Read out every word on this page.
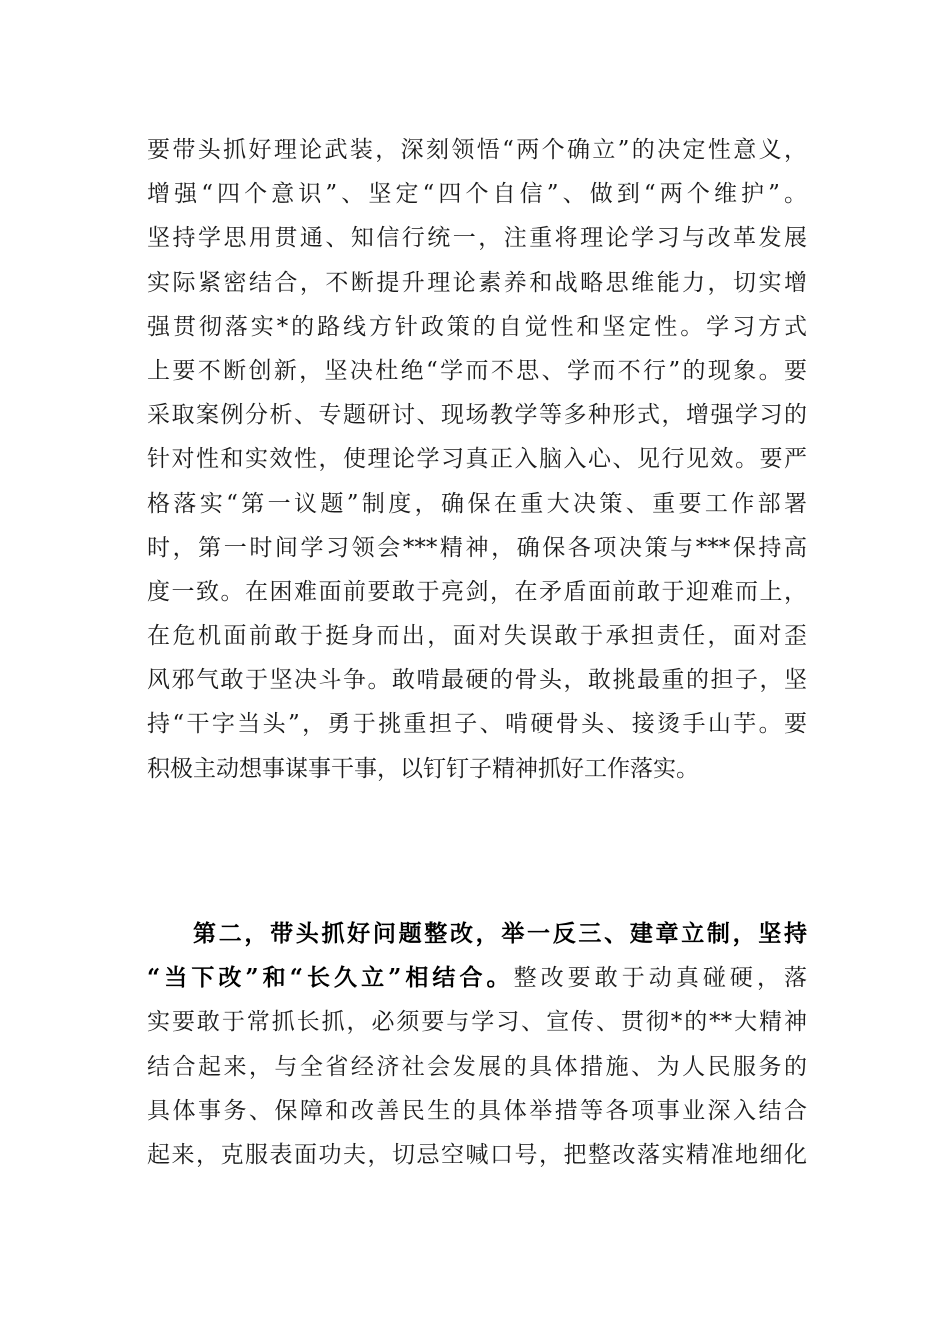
要带头抓好理论武装，深刻领悟“两个确立”的决定性意义，
增强“四个意识”、坚定“四个自信”、做到“两个维护”。
坚持学思用贯通、知信行统一，注重将理论学习与改革发展
实际紧密结合，不断提升理论素养和战略思维能力，切实增
强贯彻落实*的路线方针政策的自觉性和坚定性。学习方式
上要不断创新，坚决杜绝“学而不思、学而不行”的现象。要
采取案例分析、专题研讨、现场教学等多种形式，增强学习的
针对性和实效性，使理论学习真正入脑入心、见行见效。要严
格落实“第一议题”制度，确保在重大决策、重要工作部署
时，第一时间学习领会***精神，确保各项决策与***保持高
度一致。在困难面前要敢于亮剑，在矛盾面前敢于迎难而上，
在危机面前敢于挺身而出，面对失误敢于承担责任，面对歪
风邪气敢于坚决斗争。敢啃最硬的骨头，敢挑最重的担子，坚
持“干字当头”，勇于挑重担子、啃硬骨头、接烫手山芋。要
积极主动想事谋事干事，以钉钉子精神抓好工作落实。
第二，带头抓好问题整改，举一反三、建章立制，坚持
“当下改”和“长久立”相结合。整改要敢于动真碰硬，落
实要敢于常抓长抓，必须要与学习、宣传、贯彻*的**大精神
结合起来，与全省经济社会发展的具体措施、为人民服务的
具体事务、保障和改善民生的具体举措等各项事业深入结合
起来，克服表面功夫，切忌空喊口号，把整改落实精准地细化
